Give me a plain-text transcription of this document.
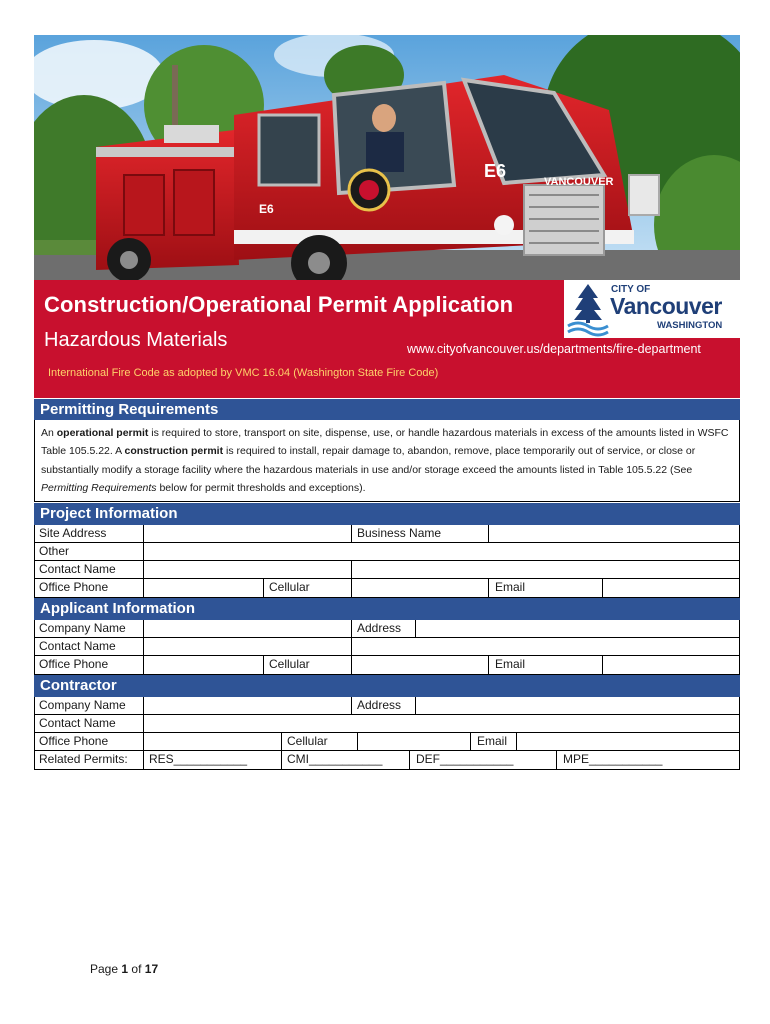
E6
E6
VANCOUVER
Construction/Operational Permit Application
Hazardous Materials	www.cityofvancouver.us/departments/fire-department
International Fire Code as adopted by VMC 16.04 (Washington State Fire Code)
CITY OF
Vancouver
WASHINGTON
Permitting Requirements
An operational permit is required to store, transport on site, dispense, use, or handle hazardous materials in excess of the amounts listed in WSFC Table 105.5.22. A construction permit is required to install, repair damage to, abandon, remove, place temporarily out of service, or close or substantially modify a storage facility where the hazardous materials in use and/or storage exceed the amounts listed in Table 105.5.22 (See Permitting Requirements below for permit thresholds and exceptions).
Project Information
Site Address	Business Name
Other
Contact Name
Office Phone	Cellular	Email
Applicant Information
Company Name	Address
Contact Name
Office Phone	Cellular	Email
Contractor
Company Name	Address
Contact Name
Office Phone	Cellular	Email
Related Permits:	RES___________	CMI___________	DEF___________	MPE___________
Page 1 of 17
